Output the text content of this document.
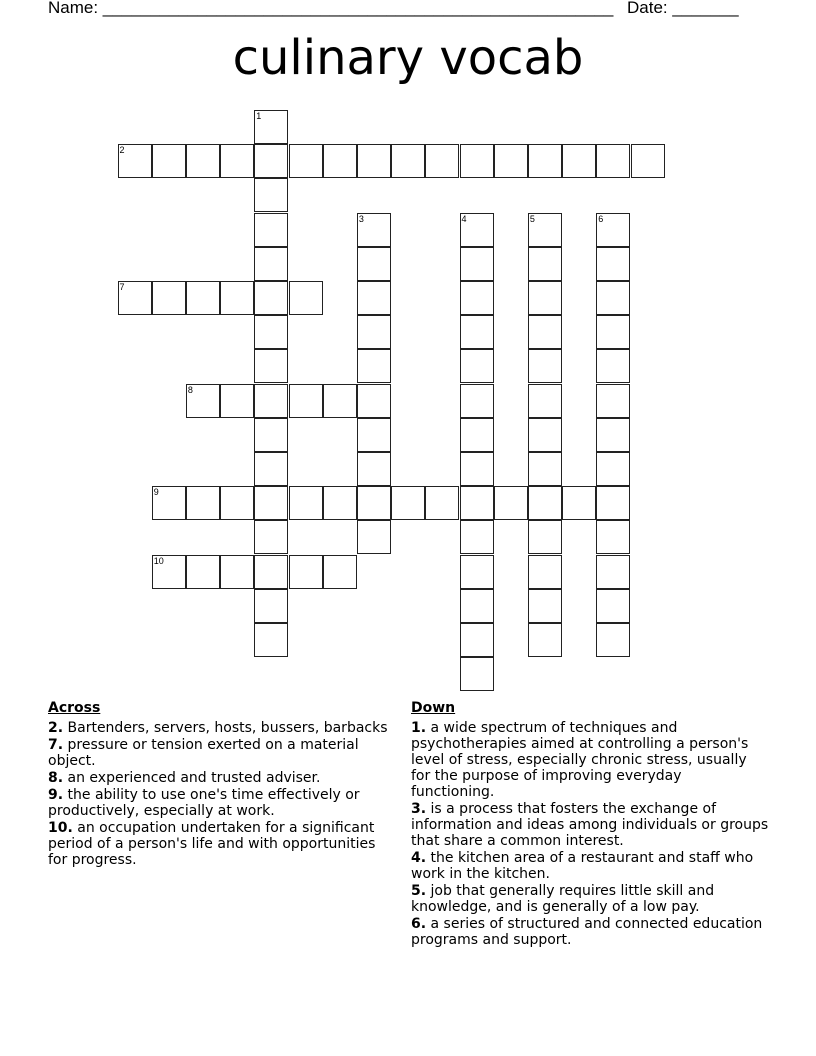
Name: ______________________________________________________ Date: _______
culinary vocab
1
2
3	4	5	6
7
8
9
10
Across
2. Bartenders, servers, hosts, bussers, barbacks
7. pressure or tension exerted on a material object.
8. an experienced and trusted adviser.
9. the ability to use one's time effectively or productively, especially at work.
10. an occupation undertaken for a significant period of a person's life and with opportunities for progress.
Down
1. a wide spectrum of techniques and psychotherapies aimed at controlling a person's level of stress, especially chronic stress, usually for the purpose of improving everyday functioning.
3. is a process that fosters the exchange of information and ideas among individuals or groups that share a common interest.
4. the kitchen area of a restaurant and staff who work in the kitchen.
5. job that generally requires little skill and knowledge, and is generally of a low pay.
6. a series of structured and connected education programs and support.
